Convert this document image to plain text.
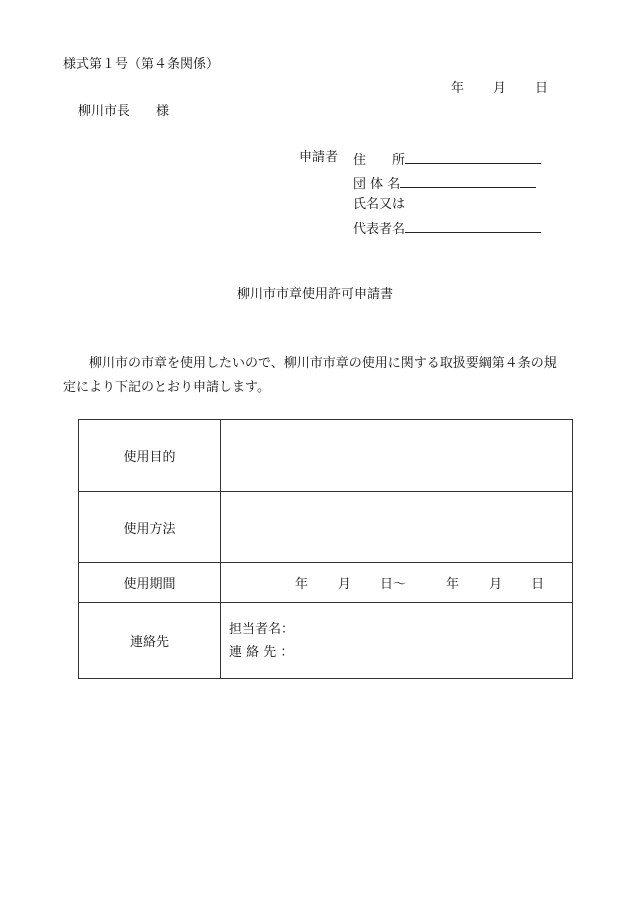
様式第１号（第４条関係）
年 月 日
柳川市長　　様
申請者 住　　所
団 体 名
氏名又は
代表者名
柳川市市章使用許可申請書
柳川市の市章を使用したいので、柳川市市章の使用に関する取扱要綱第４条の規定により下記のとおり申請します。
使用目的	
使用方法	
使用期間	年 月 日～ 年 月 日
連絡先	担当者名：
連 絡 先 ：
